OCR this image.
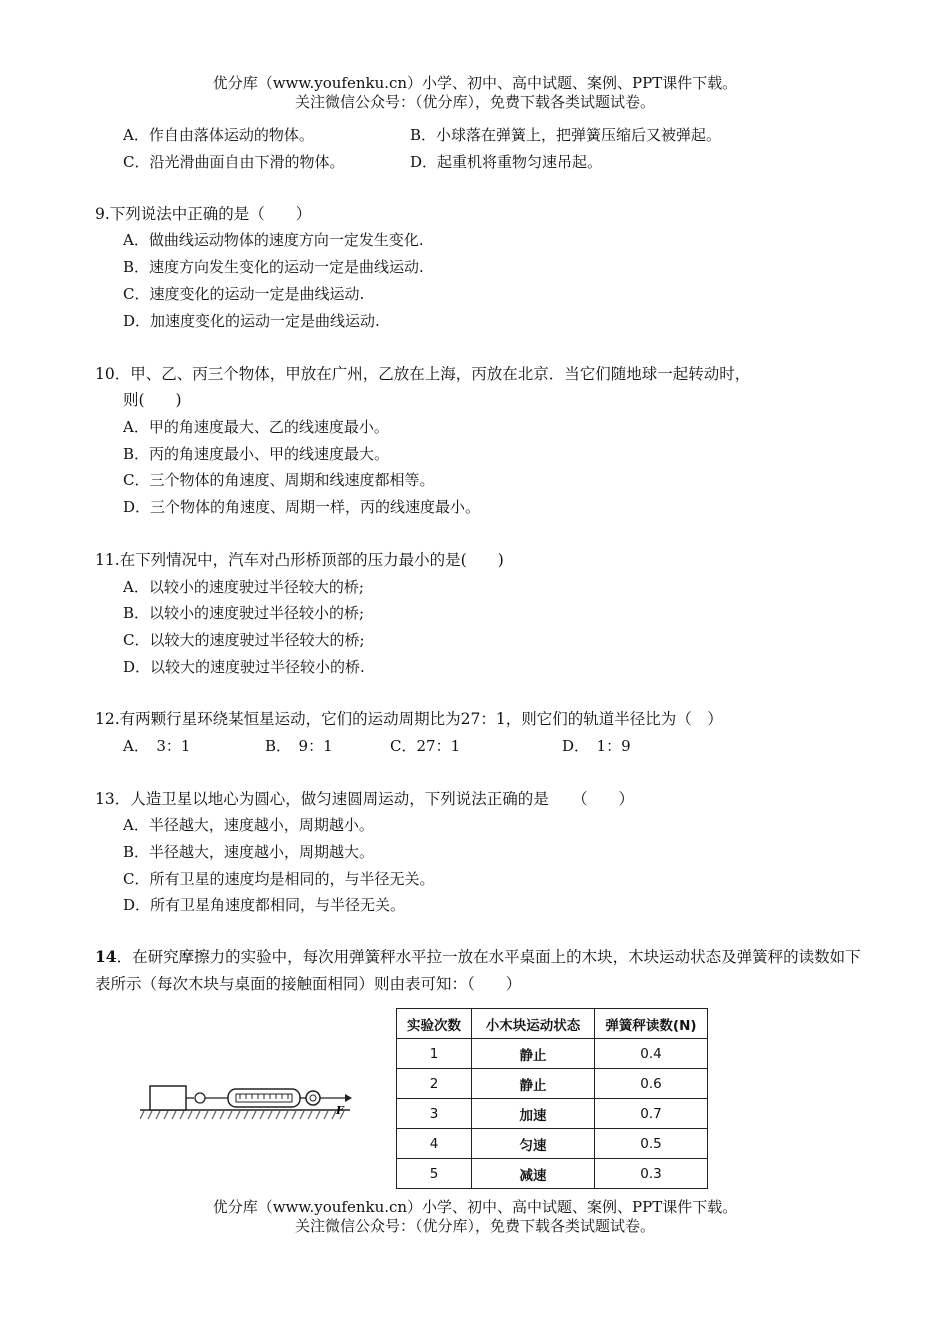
优分库（www.youfenku.cn）小学、初中、高中试题、案例、PPT课件下载。
关注微信公众号：（优分库），免费下载各类试题试卷。
A．作自由落体运动的物体。	B．小球落在弹簧上，把弹簧压缩后又被弹起。
C．沿光滑曲面自由下滑的物体。	D．起重机将重物匀速吊起。
9.下列说法中正确的是（　　）
A．做曲线运动物体的速度方向一定发生变化.
B．速度方向发生变化的运动一定是曲线运动.
C．速度变化的运动一定是曲线运动.
D．加速度变化的运动一定是曲线运动.
10．甲、乙、丙三个物体，甲放在广州，乙放在上海，丙放在北京．当它们随地球一起转动时，
则(　　)
A．甲的角速度最大、乙的线速度最小。
B．丙的角速度最小、甲的线速度最大。
C．三个物体的角速度、周期和线速度都相等。
D．三个物体的角速度、周期一样，丙的线速度最小。
11.在下列情况中，汽车对凸形桥顶部的压力最小的是(　　)
A．以较小的速度驶过半径较大的桥;
B．以较小的速度驶过半径较小的桥;
C．以较大的速度驶过半径较大的桥;
D．以较大的速度驶过半径较小的桥.
12.有两颗行星环绕某恒星运动，它们的运动周期比为27：1，则它们的轨道半径比为（　）
A．　3：1	B．　9：1	C．27：1	D．　1：9
13．人造卫星以地心为圆心，做匀速圆周运动，下列说法正确的是　　（　　）
A．半径越大，速度越小，周期越小。
B．半径越大，速度越小，周期越大。
C．所有卫星的速度均是相同的，与半径无关。
D．所有卫星角速度都相同，与半径无关。
14．在研究摩擦力的实验中，每次用弹簧秤水平拉一放在水平桌面上的木块，木块运动状态及弹簧秤的读数如下表所示（每次木块与桌面的接触面相同）则由表可知：（　　）
F
实验次数	小木块运动状态	弹簧秤读数(N)
1	静止	0.4
2	静止	0.6
3	加速	0.7
4	匀速	0.5
5	减速	0.3
优分库（www.youfenku.cn）小学、初中、高中试题、案例、PPT课件下载。
关注微信公众号：（优分库），免费下载各类试题试卷。
